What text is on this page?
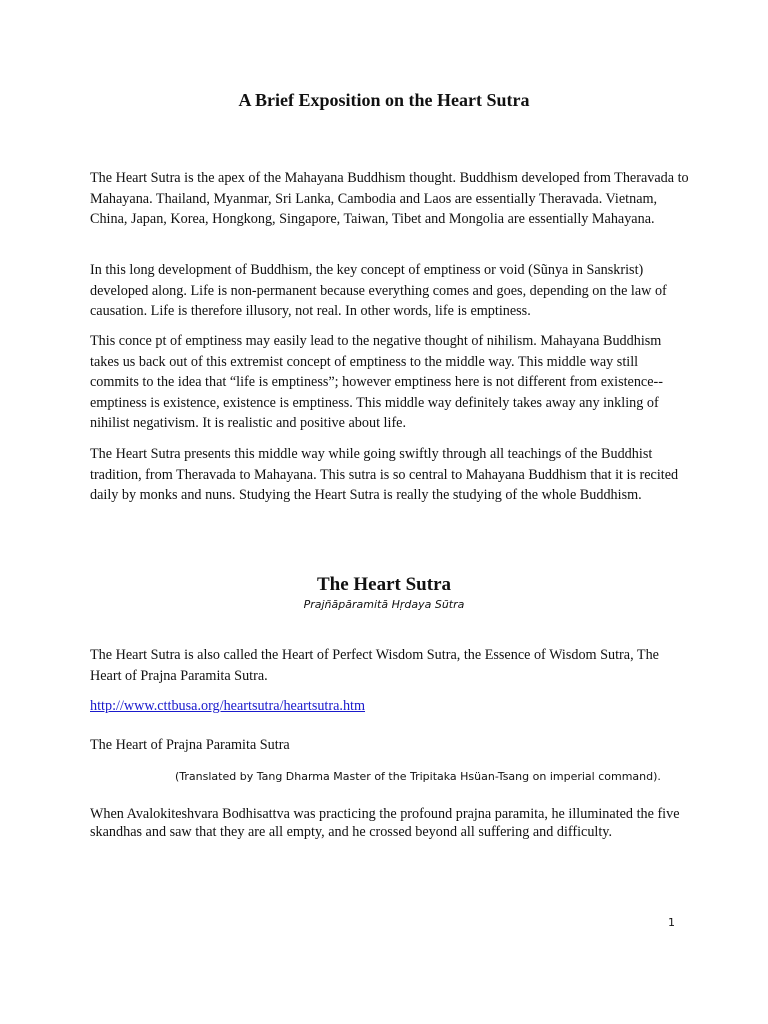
A Brief Exposition on the Heart Sutra

The Heart Sutra is the apex of the Mahayana Buddhism thought. Buddhism developed from Theravada to Mahayana. Thailand, Myanmar, Sri Lanka, Cambodia and Laos are essentially Theravada. Vietnam, China, Japan, Korea, Hongkong, Singapore, Taiwan, Tibet and Mongolia are essentially Mahayana.

In this long development of Buddhism, the key concept of emptiness or void (Sũnya in Sanskrist) developed along. Life is non-permanent because everything comes and goes, depending on the law of causation. Life is therefore illusory, not real. In other words, life is emptiness.

This conce pt of emptiness may easily lead to the negative thought of nihilism. Mahayana Buddhism takes us back out of this extremist concept of emptiness to the middle way. This middle way still commits to the idea that “life is emptiness”; however emptiness here is not different from existence--emptiness is existence, existence is emptiness. This middle way definitely takes away any inkling of nihilist negativism. It is realistic and positive about life.

The Heart Sutra presents this middle way while going swiftly through all teachings of the Buddhist tradition, from Theravada to Mahayana. This sutra is so central to Mahayana Buddhism that it is recited daily by monks and nuns. Studying the Heart Sutra is really the studying of the whole Buddhism.

The Heart Sutra

Prajñāpāramitā Hṛdaya Sūtra

The Heart Sutra is also called the Heart of Perfect Wisdom Sutra, the Essence of Wisdom Sutra, The Heart of Prajna Paramita Sutra.

http://www.cttbusa.org/heartsutra/heartsutra.htm

The Heart of Prajna Paramita Sutra

(Translated by Tang Dharma Master of the Tripitaka Hsüan-Tsang on imperial command).

When Avalokiteshvara Bodhisattva was practicing the profound prajna paramita, he illuminated the five skandhas and saw that they are all empty, and he crossed beyond all suffering and difficulty.

1
